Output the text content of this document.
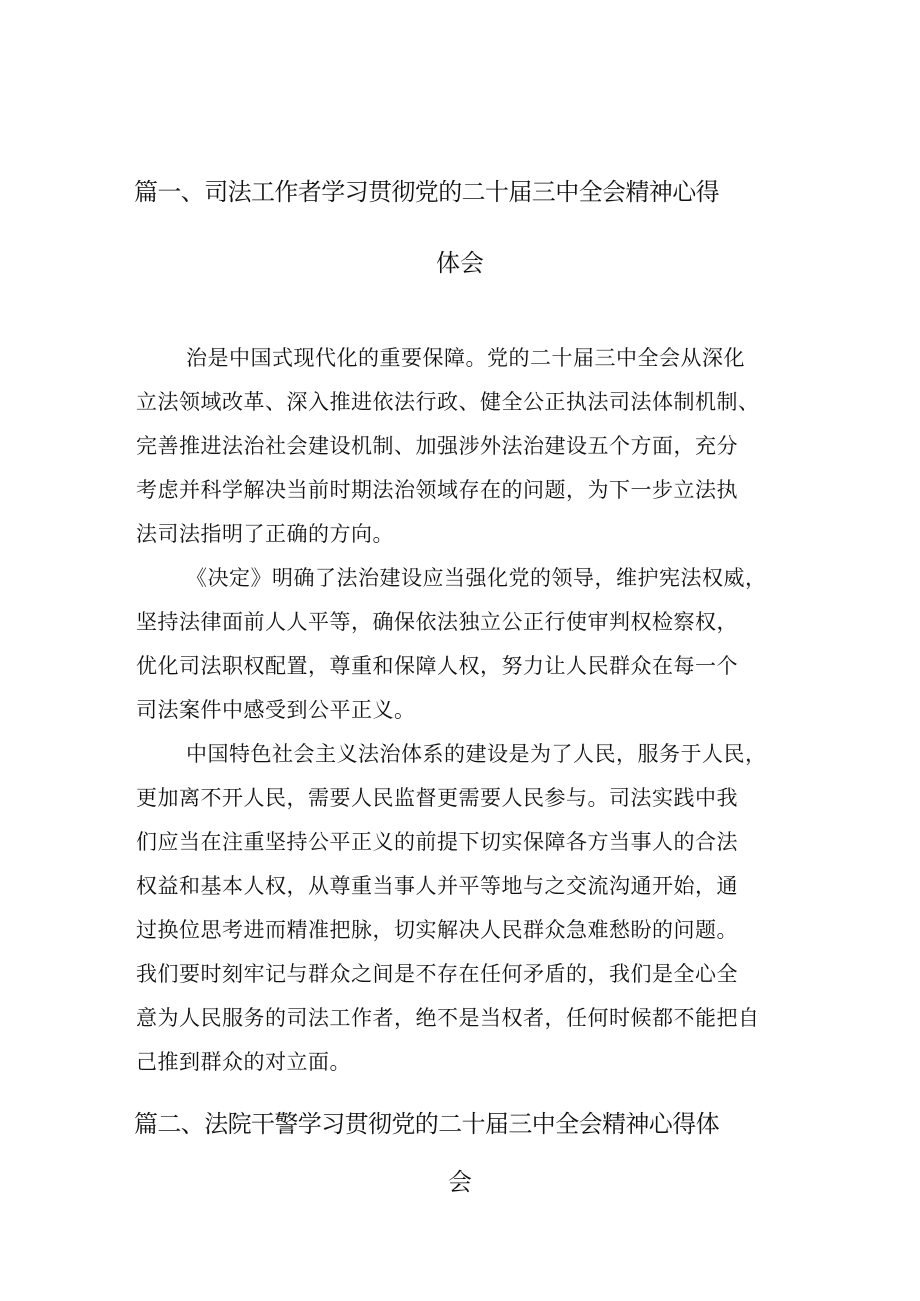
篇一、司法工作者学习贯彻党的二十届三中全会精神心得
体会
治是中国式现代化的重要保障。党的二十届三中全会从深化
立法领域改革、深入推进依法行政、健全公正执法司法体制机制、
完善推进法治社会建设机制、加强涉外法治建设五个方面，充分
考虑并科学解决当前时期法治领域存在的问题，为下一步立法执
法司法指明了正确的方向。
《决定》明确了法治建设应当强化党的领导，维护宪法权威，
坚持法律面前人人平等，确保依法独立公正行使审判权检察权，
优化司法职权配置，尊重和保障人权，努力让人民群众在每一个
司法案件中感受到公平正义。
中国特色社会主义法治体系的建设是为了人民，服务于人民，
更加离不开人民，需要人民监督更需要人民参与。司法实践中我
们应当在注重坚持公平正义的前提下切实保障各方当事人的合法
权益和基本人权，从尊重当事人并平等地与之交流沟通开始，通
过换位思考进而精准把脉，切实解决人民群众急难愁盼的问题。
我们要时刻牢记与群众之间是不存在任何矛盾的，我们是全心全
意为人民服务的司法工作者，绝不是当权者，任何时候都不能把自
己推到群众的对立面。
篇二、法院干警学习贯彻党的二十届三中全会精神心得体
会
